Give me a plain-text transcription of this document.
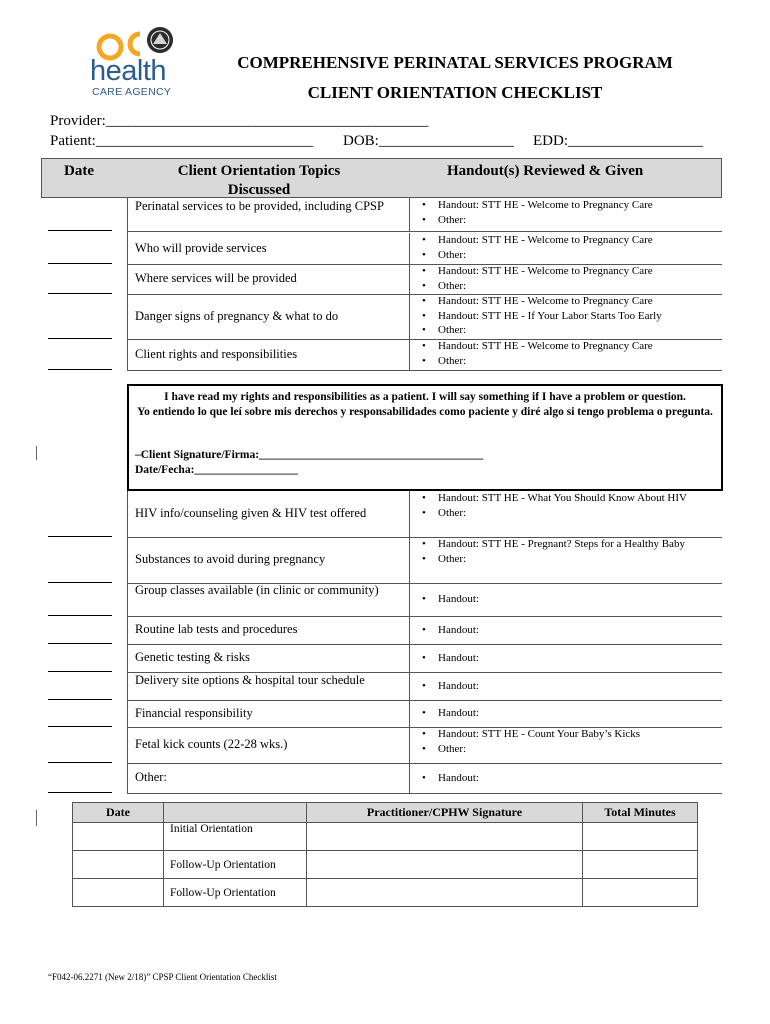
health
CARE AGENCY
COMPREHENSIVE PERINATAL SERVICES PROGRAM
CLIENT ORIENTATION CHECKLIST
Provider:___________________________________________
Patient:_____________________________ DOB:__________________ EDD:__________________
Date	Client Orientation Topics Discussed
Handout(s) Reviewed & Given
Perinatal services to be provided, including CPSP	• Handout: STT HE - Welcome to Pregnancy Care
• Other:
Who will provide services
• Handout: STT HE - Welcome to Pregnancy Care
• Other:
Where services will be provided	• Handout: STT HE - Welcome to Pregnancy Care
• Other:
Danger signs of pregnancy & what to do
• Handout: STT HE - Welcome to Pregnancy Care
• Handout: STT HE - If Your Labor Starts Too Early
• Other:
Client rights and responsibilities
• Handout: STT HE - Welcome to Pregnancy Care
• Other:
HIV info/counseling given & HIV test offered
• Handout: STT HE - What You Should Know About HIV
• Other:
Substances to avoid during pregnancy
• Handout: STT HE - Pregnant? Steps for a Healthy Baby
• Other:
Group classes available (in clinic or community)
• Handout:
Routine lab tests and procedures	• Handout:
Genetic testing & risks	• Handout:
Delivery site options & hospital tour schedule	• Handout:
Financial responsibility	• Handout:
Fetal kick counts (22-28 wks.)
• Handout: STT HE - Count Your Baby’s Kicks
• Other:
Other:	• Handout:
I have read my rights and responsibilities as a patient. I will say something if I have a problem or question.
Yo entiendo lo que leí sobre mis derechos y responsabilidades como paciente y diré algo si tengo problema o pregunta.
–Client Signature/Firma:_______________________________________
Date/Fecha:__________________
Date		Practitioner/CPHW Signature	Total Minutes
	Initial Orientation		
	Follow-Up Orientation		
	Follow-Up Orientation		
“F042-06.2271 (New 2/18)” CPSP Client Orientation Checklist
